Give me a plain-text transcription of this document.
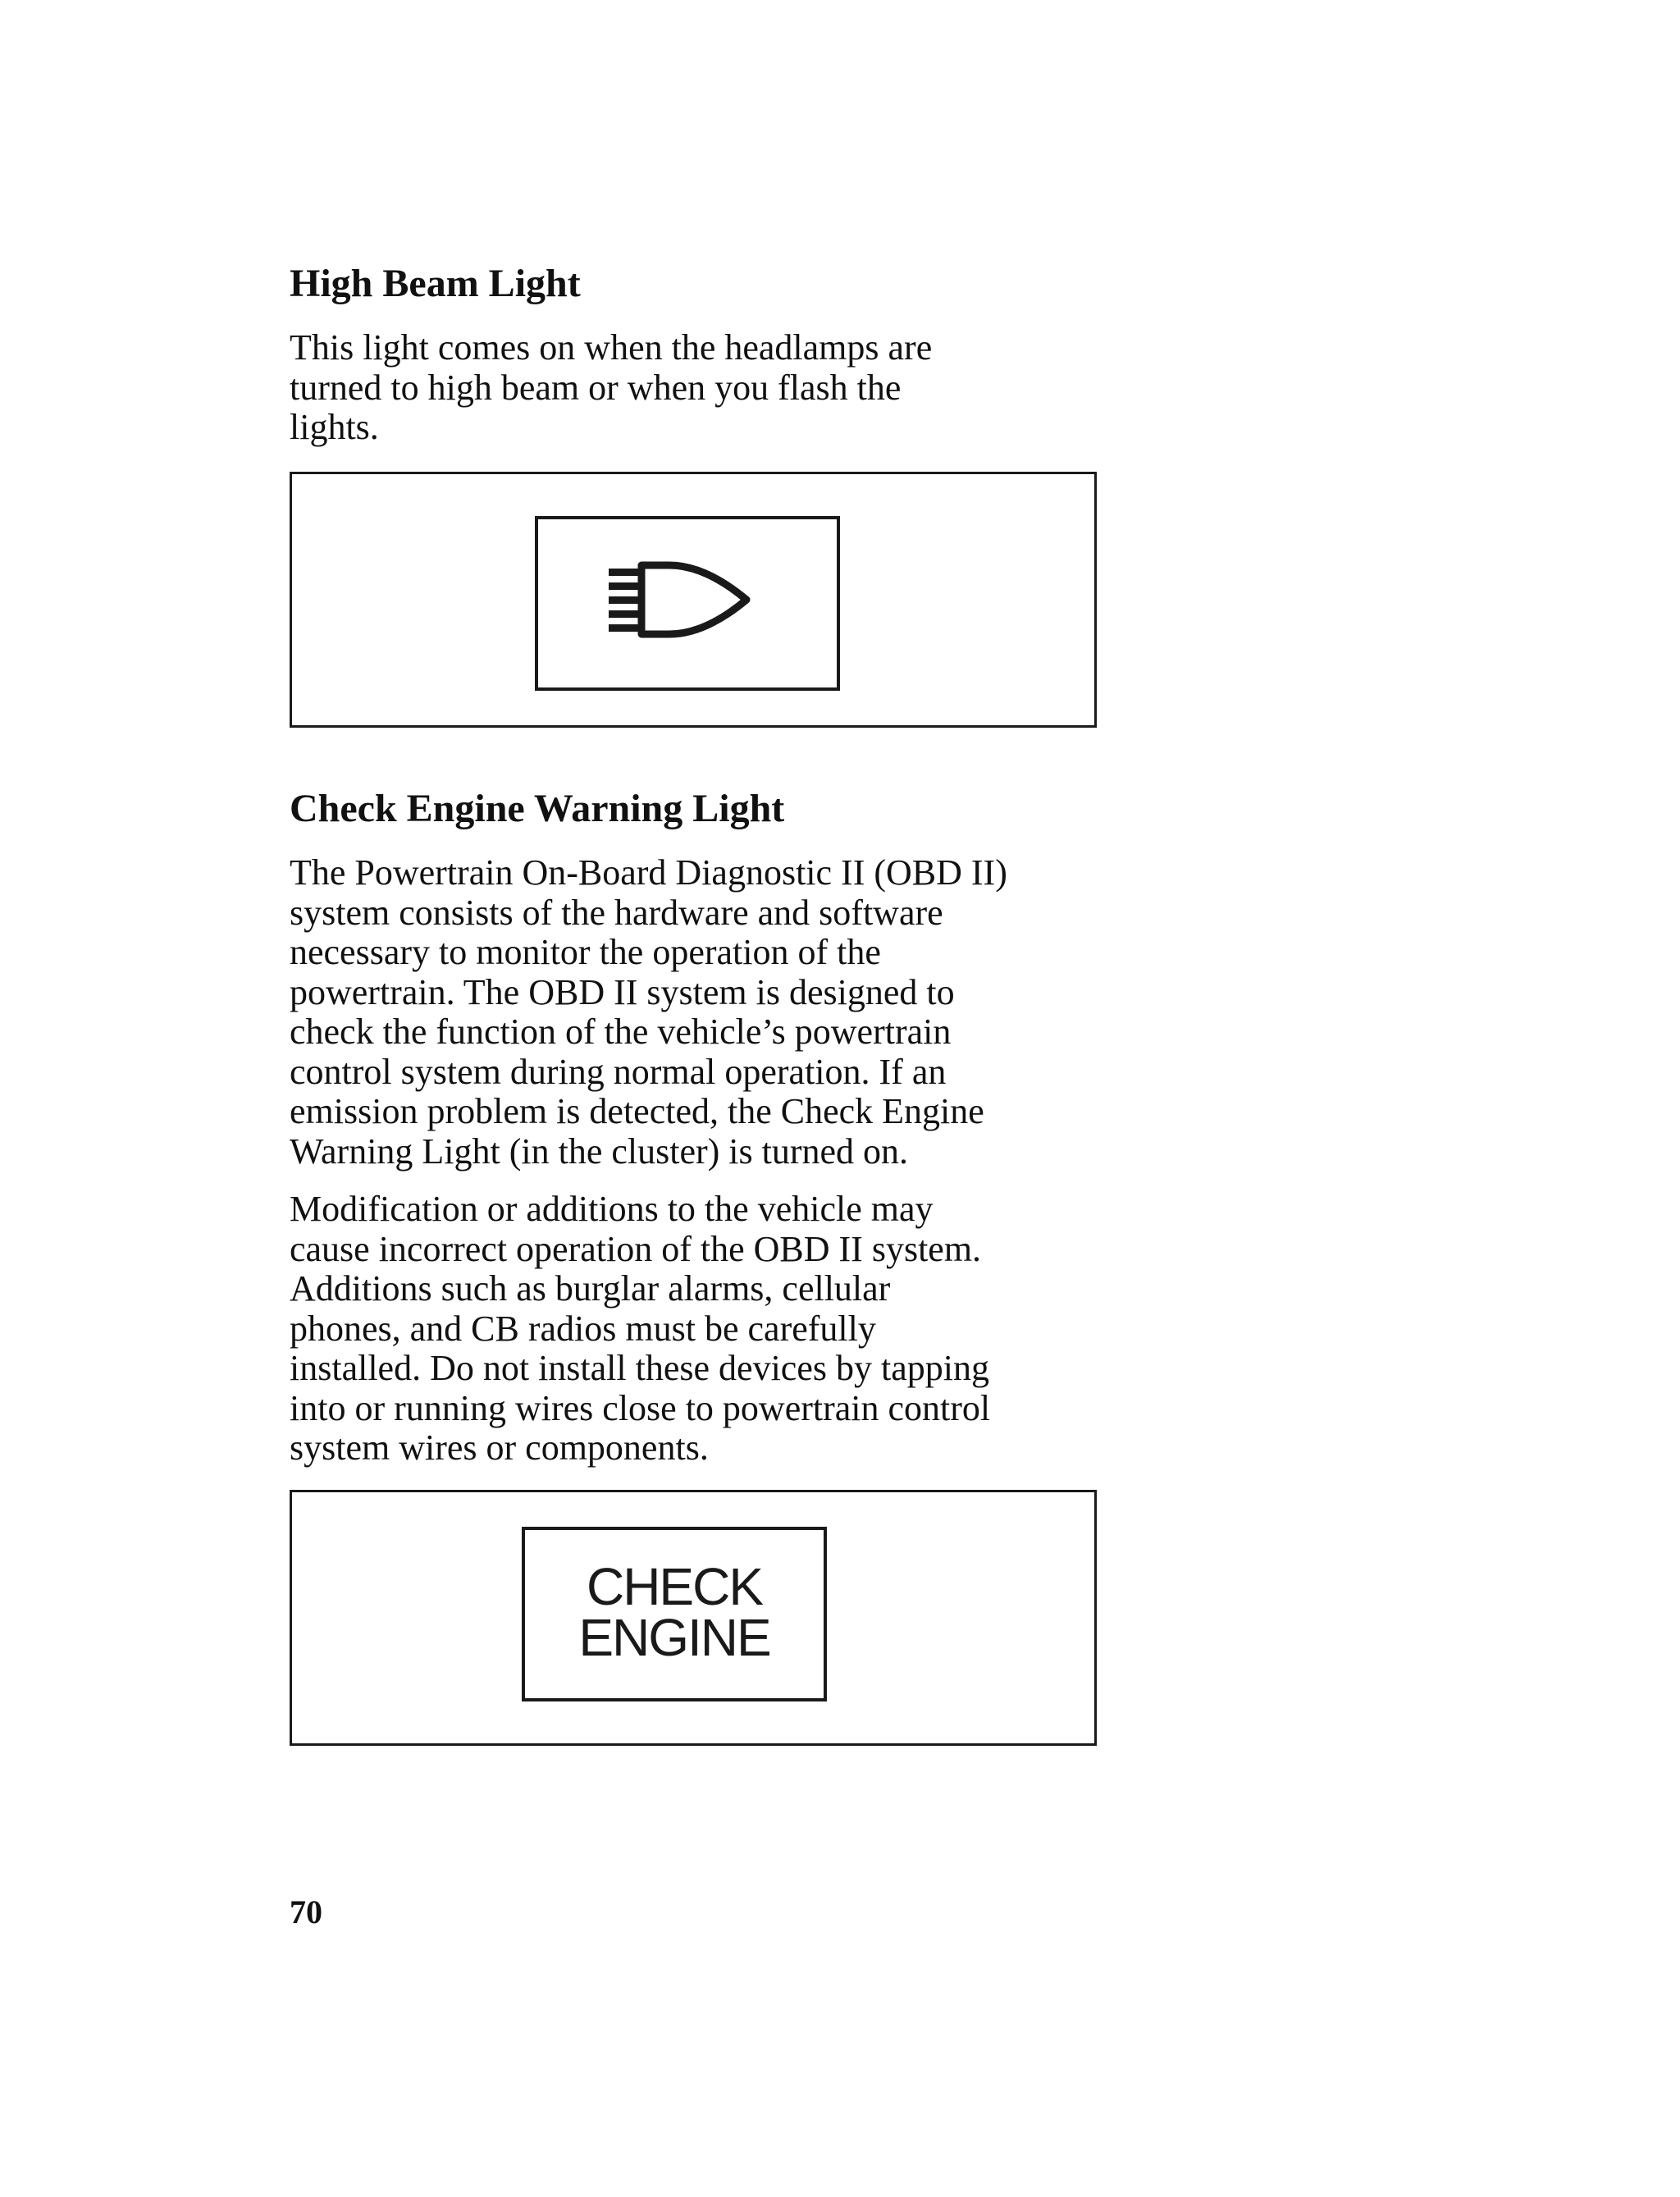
High Beam Light

This light comes on when the headlamps are
turned to high beam or when you flash the
lights.

Check Engine Warning Light

The Powertrain On-Board Diagnostic II (OBD II)
system consists of the hardware and software
necessary to monitor the operation of the
powertrain. The OBD II system is designed to
check the function of the vehicle’s powertrain
control system during normal operation. If an
emission problem is detected, the Check Engine
Warning Light (in the cluster) is turned on.

Modification or additions to the vehicle may
cause incorrect operation of the OBD II system.
Additions such as burglar alarms, cellular
phones, and CB radios must be carefully
installed. Do not install these devices by tapping
into or running wires close to powertrain control
system wires or components.

CHECK
ENGINE
70
